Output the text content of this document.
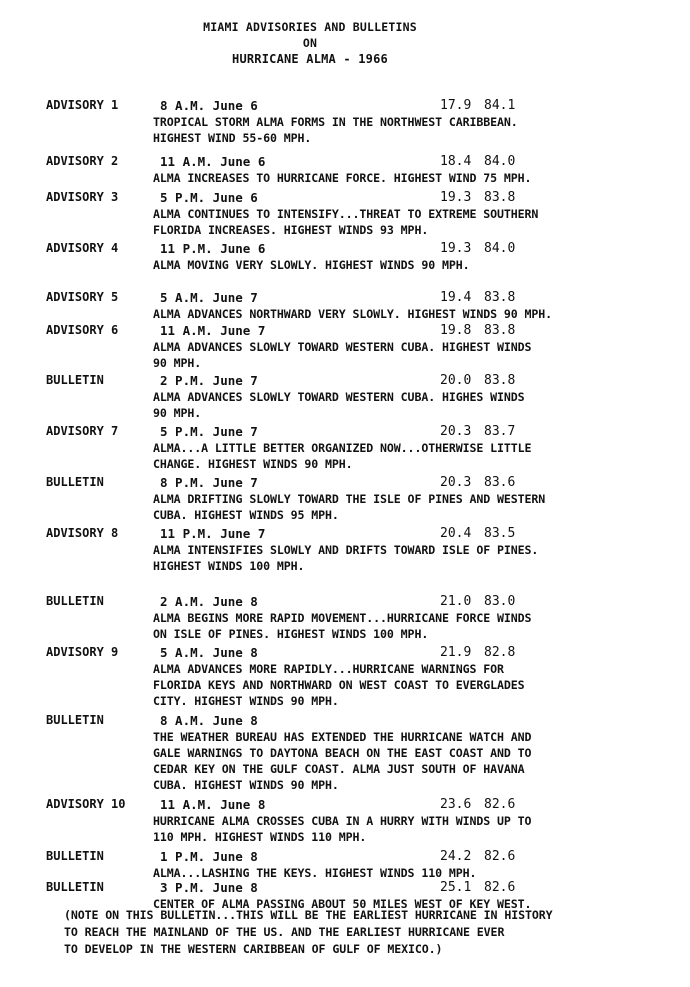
MIAMI ADVISORIES AND BULLETINS
ON
HURRICANE ALMA - 1966
ADVISORY 1	8 A.M. June 6	17.9 84.1
TROPICAL STORM ALMA FORMS IN THE NORTHWEST CARIBBEAN.
HIGHEST WIND 55-60 MPH.
ADVISORY 2	11 A.M. June 6	18.4 84.0
ALMA INCREASES TO HURRICANE FORCE. HIGHEST WIND 75 MPH.
ADVISORY 3	5 P.M. June 6	19.3 83.8
ALMA CONTINUES TO INTENSIFY...THREAT TO EXTREME SOUTHERN
FLORIDA INCREASES. HIGHEST WINDS 93 MPH.
ADVISORY 4	11 P.M. June 6	19.3 84.0
ALMA MOVING VERY SLOWLY. HIGHEST WINDS 90 MPH.
ADVISORY 5	5 A.M. June 7	19.4 83.8
ALMA ADVANCES NORTHWARD VERY SLOWLY. HIGHEST WINDS 90 MPH.
ADVISORY 6	11 A.M. June 7	19.8 83.8
ALMA ADVANCES SLOWLY TOWARD WESTERN CUBA. HIGHEST WINDS
90 MPH.
BULLETIN	2 P.M. June 7	20.0 83.8
ALMA ADVANCES SLOWLY TOWARD WESTERN CUBA. HIGHES WINDS
90 MPH.
ADVISORY 7	5 P.M. June 7	20.3 83.7
ALMA...A LITTLE BETTER ORGANIZED NOW...OTHERWISE LITTLE
CHANGE. HIGHEST WINDS 90 MPH.
BULLETIN	8 P.M. June 7	20.3 83.6
ALMA DRIFTING SLOWLY TOWARD THE ISLE OF PINES AND WESTERN
CUBA. HIGHEST WINDS 95 MPH.
ADVISORY 8	11 P.M. June 7	20.4 83.5
ALMA INTENSIFIES SLOWLY AND DRIFTS TOWARD ISLE OF PINES.
HIGHEST WINDS 100 MPH.
BULLETIN	2 A.M. June 8	21.0 83.0
ALMA BEGINS MORE RAPID MOVEMENT...HURRICANE FORCE WINDS
ON ISLE OF PINES. HIGHEST WINDS 100 MPH.
ADVISORY 9	5 A.M. June 8	21.9 82.8
ALMA ADVANCES MORE RAPIDLY...HURRICANE WARNINGS FOR
FLORIDA KEYS AND NORTHWARD ON WEST COAST TO EVERGLADES
CITY. HIGHEST WINDS 90 MPH.
BULLETIN	8 A.M. June 8
THE WEATHER BUREAU HAS EXTENDED THE HURRICANE WATCH AND
GALE WARNINGS TO DAYTONA BEACH ON THE EAST COAST AND TO
CEDAR KEY ON THE GULF COAST. ALMA JUST SOUTH OF HAVANA
CUBA. HIGHEST WINDS 90 MPH.
ADVISORY 10	11 A.M. June 8	23.6 82.6
HURRICANE ALMA CROSSES CUBA IN A HURRY WITH WINDS UP TO
110 MPH. HIGHEST WINDS 110 MPH.
BULLETIN	1 P.M. June 8	24.2 82.6
ALMA...LASHING THE KEYS. HIGHEST WINDS 110 MPH.
BULLETIN	3 P.M. June 8	25.1 82.6
CENTER OF ALMA PASSING ABOUT 50 MILES WEST OF KEY WEST.
(NOTE ON THIS BULLETIN...THIS WILL BE THE EARLIEST HURRICANE IN HISTORY
TO REACH THE MAINLAND OF THE US. AND THE EARLIEST HURRICANE EVER
TO DEVELOP IN THE WESTERN CARIBBEAN OF GULF OF MEXICO.)
